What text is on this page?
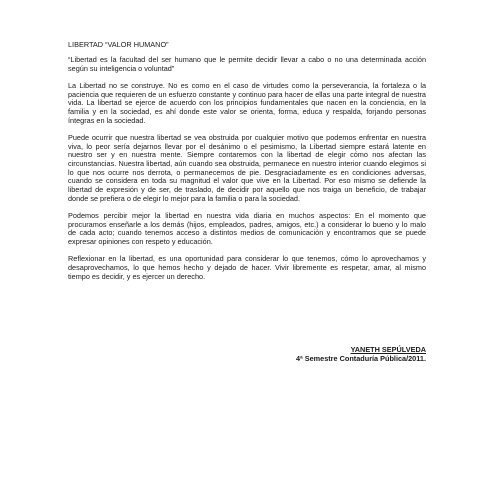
LIBERTAD “VALOR HUMANO”

“Libertad es la facultad del ser humano que le permite decidir llevar a cabo o no una determinada acción según su inteligencia o voluntad”

La Libertad no se construye. No es como en el caso de virtudes como la perseverancia, la fortaleza o la paciencia que requieren de un esfuerzo constante y continuo para hacer de ellas una parte integral de nuestra vida. La libertad se ejerce de acuerdo con los principios fundamentales que nacen en la conciencia, en la familia y en la sociedad, es ahí donde este valor se orienta, forma, educa y respalda, forjando personas íntegras en la sociedad.

Puede ocurrir que nuestra libertad se vea obstruida por cualquier motivo que podemos enfrentar en nuestra viva, lo peor sería dejarnos llevar por el desánimo o el pesimismo, la Libertad siempre estará latente en nuestro ser y en nuestra mente. Siempre contaremos con la libertad de elegir cómo nos afectan las circunstancias. Nuestra libertad, aún cuando sea obstruida, permanece en nuestro interior cuando elegimos si lo que nos ocurre nos derrota, o permanecemos de pie. Desgraciadamente es en condiciones adversas, cuando se considera en toda su magnitud el valor que vive en la Libertad. Por eso mismo se defiende la libertad de expresión y de ser, de traslado, de decidir por aquello que nos traiga un beneficio, de trabajar donde se prefiera o de elegir lo mejor para la familia o para la sociedad.

Podemos percibir mejor la libertad en nuestra vida diaria en muchos aspectos: En el momento que procuramos enseñarle a los demás (hijos, empleados, padres, amigos, etc.) a considerar lo bueno y lo malo de cada acto; cuando tenemos acceso a distintos medios de comunicación y encontramos que se puede expresar opiniones con respeto y educación.

Reflexionar en la libertad, es una oportunidad para considerar lo que tenemos, cómo lo aprovechamos y desaprovechamos, lo que hemos hecho y dejado de hacer. Vivir libremente es respetar, amar, al mismo tiempo es decidir, y es ejercer un derecho.

YANETH SEPÚLVEDA
4ª Semestre Contaduría Pública/2011.
